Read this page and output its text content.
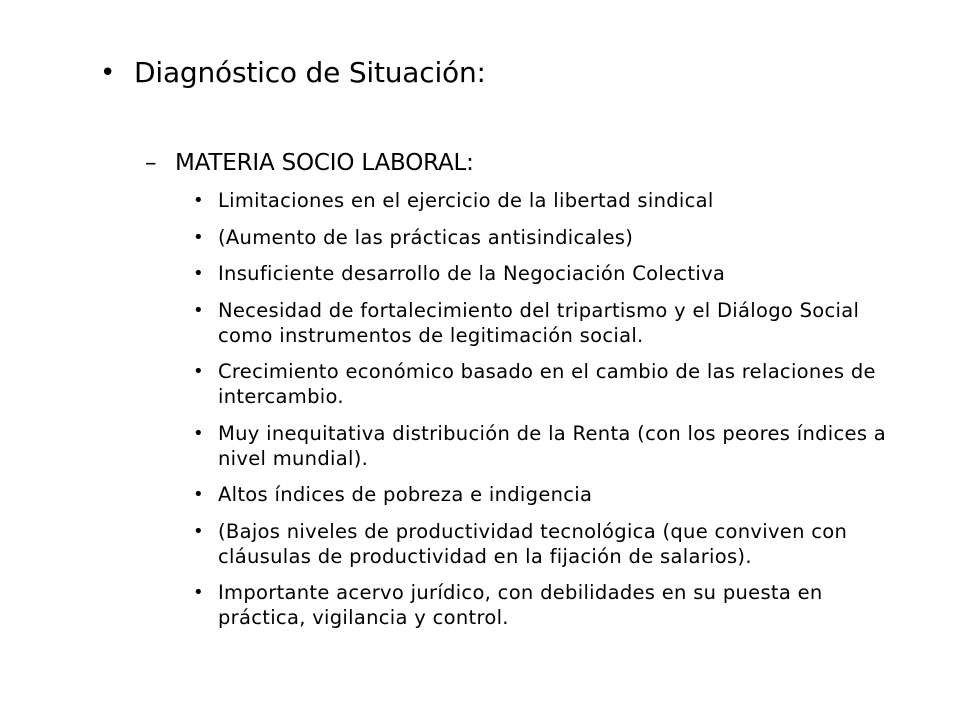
• Diagnóstico de Situación:
– MATERIA SOCIO LABORAL:
• Limitaciones en el ejercicio de la libertad sindical
• (Aumento de las prácticas antisindicales)
• Insuficiente desarrollo de la Negociación Colectiva
• Necesidad de fortalecimiento del tripartismo y el Diálogo Social como instrumentos de legitimación social.
• Crecimiento económico basado en el cambio de las relaciones de intercambio.
• Muy inequitativa distribución de la Renta (con los peores índices a nivel mundial).
• Altos índices de pobreza e indigencia
• (Bajos niveles de productividad tecnológica (que conviven con cláusulas de productividad en la fijación de salarios).
• Importante acervo jurídico, con debilidades en su puesta en práctica, vigilancia y control.
